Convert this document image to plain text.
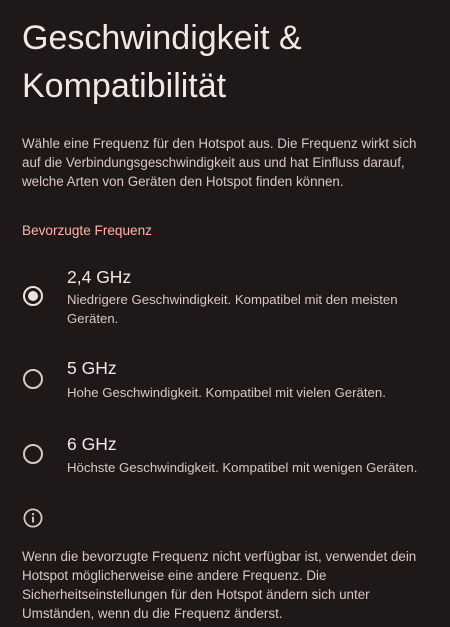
Geschwindigkeit & Kompatibilität

Wähle eine Frequenz für den Hotspot aus. Die Frequenz wirkt sich auf die Verbindungsgeschwindigkeit aus und hat Einfluss darauf, welche Arten von Geräten den Hotspot finden können.

Bevorzugte Frequenz
2,4 GHz
Niedrigere Geschwindigkeit. Kompatibel mit den meisten Geräten.
5 GHz
Hohe Geschwindigkeit. Kompatibel mit vielen Geräten.
6 GHz
Höchste Geschwindigkeit. Kompatibel mit wenigen Geräten.

Wenn die bevorzugte Frequenz nicht verfügbar ist, verwendet dein Hotspot möglicherweise eine andere Frequenz. Die Sicherheitseinstellungen für den Hotspot ändern sich unter Umständen, wenn du die Frequenz änderst.
